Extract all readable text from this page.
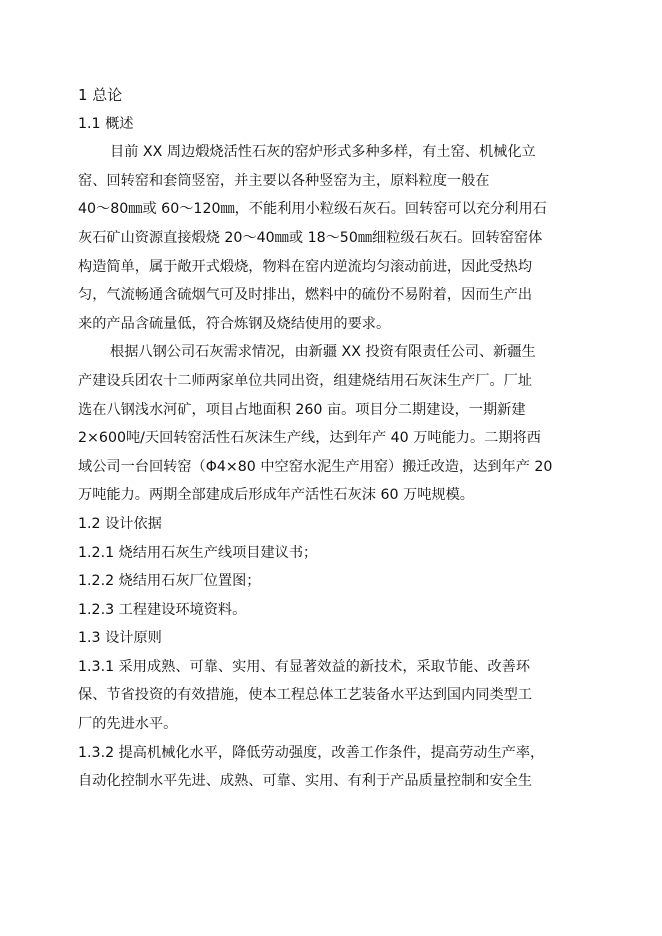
1 总论
1.1 概述
目前 XX 周边煅烧活性石灰的窑炉形式多种多样，有土窑、机械化立
窑、回转窑和套筒竖窑，并主要以各种竖窑为主，原料粒度一般在
40～80㎜或 60～120㎜，不能利用小粒级石灰石。回转窑可以充分利用石
灰石矿山资源直接煅烧 20～40㎜或 18～50㎜细粒级石灰石。回转窑窑体
构造简单，属于敞开式煅烧，物料在窑内逆流均匀滚动前进，因此受热均
匀，气流畅通含硫烟气可及时排出，燃料中的硫份不易附着，因而生产出
来的产品含硫量低，符合炼钢及烧结使用的要求。
根据八钢公司石灰需求情况，由新疆 XX 投资有限责任公司、新疆生
产建设兵团农十二师两家单位共同出资，组建烧结用石灰沫生产厂。厂址
选在八钢浅水河矿，项目占地面积 260 亩。项目分二期建设，一期新建
2×600吨/天回转窑活性石灰沫生产线，达到年产 40 万吨能力。二期将西
域公司一台回转窑（Φ4×80 中空窑水泥生产用窑）搬迁改造，达到年产 20
万吨能力。两期全部建成后形成年产活性石灰沫 60 万吨规模。
1.2 设计依据
1.2.1 烧结用石灰生产线项目建议书；
1.2.2 烧结用石灰厂位置图；
1.2.3 工程建设环境资料。
1.3 设计原则
1.3.1 采用成熟、可靠、实用、有显著效益的新技术，采取节能、改善环
保、节省投资的有效措施，使本工程总体工艺装备水平达到国内同类型工
厂的先进水平。
1.3.2 提高机械化水平，降低劳动强度，改善工作条件，提高劳动生产率，
自动化控制水平先进、成熟、可靠、实用、有利于产品质量控制和安全生
